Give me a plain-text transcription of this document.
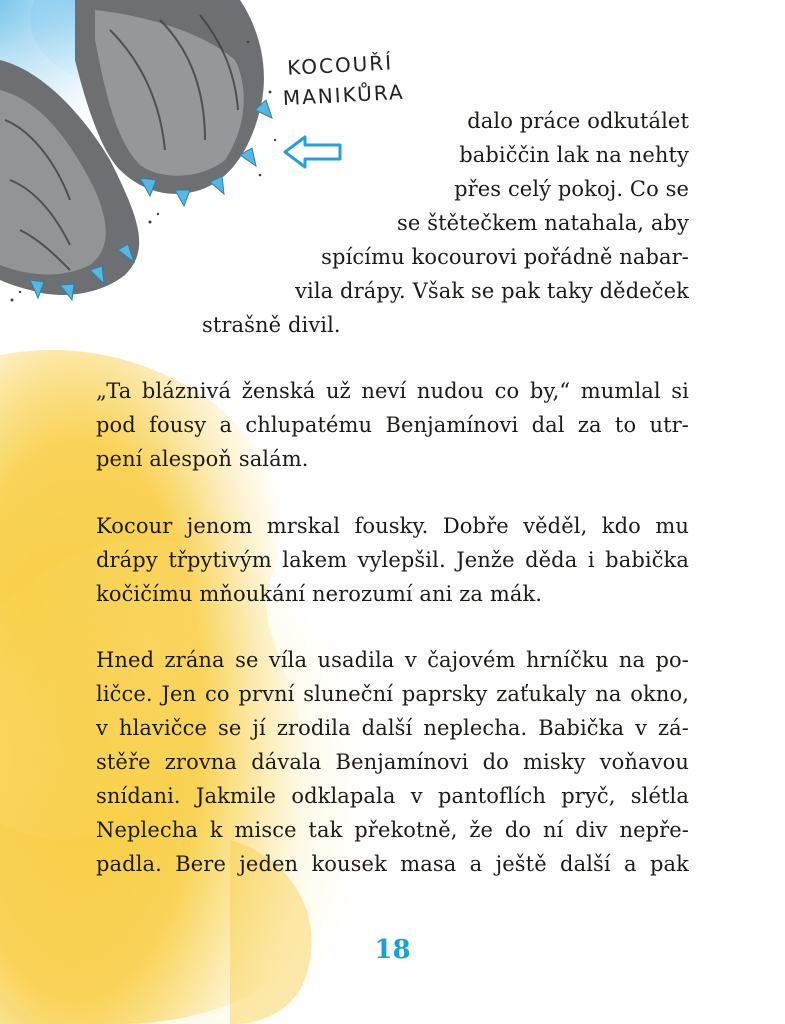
KOCOUŘÍ
MANIKŮRA
dalo práce odkutálet
babiččin lak na nehty
přes celý pokoj. Co se
se štětečkem natahala, aby
spícímu kocourovi pořádně nabar-
vila drápy. Však se pak taky dědeček
strašně divil.
„Ta bláznivá ženská už neví nudou co by,“ mumlal si
pod fousy a chlupatému Benjamínovi dal za to utr-
pení alespoň salám.
Kocour jenom mrskal fousky. Dobře věděl, kdo mu
drápy třpytivým lakem vylepšil. Jenže děda i babička
kočičímu mňoukání nerozumí ani za mák.
Hned zrána se víla usadila v čajovém hrníčku na po-
ličce. Jen co první sluneční paprsky zaťukaly na okno,
v hlavičce se jí zrodila další neplecha. Babička v zá-
stěře zrovna dávala Benjamínovi do misky voňavou
snídani. Jakmile odklapala v pantoflích pryč, slétla
Neplecha k misce tak překotně, že do ní div nepře-
padla. Bere jeden kousek masa a ještě další a pak
18
